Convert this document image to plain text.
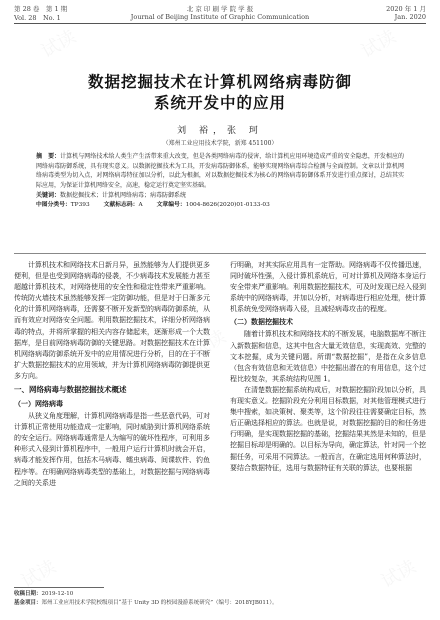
第 28 卷　第 1 期	北 京 印 刷 学 院 学 报	2020 年 1 月
Vol. 28　No. 1	Journal of Beijing Institute of Graphic Communication	Jan. 2020
数据挖掘技术在计算机网络病毒防御
系统开发中的应用
刘 裕，张 珂
（郑州工业应用技术学院，新郑 451100）

摘　要：计算机与网络技术给人类生产生活带来重大改变，但是各类网络病毒的侵害，给计算机应用环境造成严重的安全隐患，开发相应的网络病毒防御系统，具有现实意义。以数据挖掘技术为工具，开发病毒防御体系，能够实现网络病毒综合检测与全面控制。文章以计算机网络病毒类型为切入点，对网络病毒特征加以分析，以此为根据，对以数据挖掘技术为核心的网络病毒防御体系开发进行重点探讨，总结其实际应用，为保证计算机网络安全，高速，稳定运行奠定坚实基础。

关键词：数据挖掘技术；计算机网络病毒；病毒防御系统

中图分类号：TP393 文献标志码：A 文章编号：1004-8626(2020)01-0133-03

计算机技术和网络技术日新月异，虽然能够为人们提供更多便利，但是也受到网络病毒的侵袭，不少病毒技术发展能力甚至超越计算机技术，对网络使用的安全性和稳定性带来严重影响。传统防火墙技术虽然能够发挥一定防御功能，但是对于日渐多元化的计算机网络病毒，还需要不断开发新型的病毒防御系统，从而有效应对网络安全问题。利用数据挖掘技术，详细分析网络病毒的特点，并将所掌握的相关内容存储起来，逐渐形成一个大数据库，是目前网络病毒防御的关键思路。对数据挖掘技术在计算机网络病毒防御系统开发中的应用情况进行分析，目的在于不断扩大数据挖掘技术的应用领域，并为计算机网络病毒防御提供更多方向。

一、网络病毒与数据挖掘技术概述
（一）网络病毒

从狭义角度理解，计算机网络病毒是指一些恶意代码，可对计算机正常使用功能造成一定影响，同时威胁到计算机网络系统的安全运行。网络病毒通常是人为编写的破坏性程序，可利用多种形式入侵到计算机程序中，一般用户运行计算机时就会开启，病毒才能发挥作用，包括木马病毒、蠕虫病毒、间谍软件、钓鱼程序等。在明确网络病毒类型的基础上，对数据挖掘与网络病毒之间的关系进

行明确，对其实际应用具有一定帮助。网络病毒不仅传播迅速，同时破坏性强，入侵计算机系统后，可对计算机及网络本身运行安全带来严重影响。利用数据挖掘技术，可及时发现已经入侵到系统中的网络病毒，并加以分析，对病毒进行相应处理，使计算机系统免受网络病毒入侵，且减轻病毒攻击的程度。

（二）数据挖掘技术

随着计算机技术和网络技术的不断发展，电脑数据库不断注入新数据和信息，这其中包含大量无效信息，实现高效、完整的文本挖掘，成为关键问题。所谓“数据挖掘”，是指在众多信息（包含有效信息和无效信息）中挖掘出潜在的有用信息，这个过程比较复杂，其系统结构见图 1。

在清楚数据挖掘系统构成后，对数据挖掘阶段加以分析，具有现实意义。挖掘阶段充分利用目标数据，对其他管理模式进行集中搜索，如决策树、聚类等，这个阶段往往需要确定目标，然后正确选择相应的算法。也就是说，对数据挖掘的目的和任务进行明确，是实现数据挖掘的基础，挖掘结果其然是未知的，但是挖掘目标却是明确的。以目标为导向，确定算法，针对同一个挖掘任务，可采用不同算法。一般而言，在确定选用何种算法时，要结合数据特征，选用与数据特征有关联的算法，也要根据

收稿日期：2019-12-10
基金项目：郑州工业应用技术学院校级项目“基于 Unity 3D 的校园漫游系统研究”（编号：2018YJB011）。
